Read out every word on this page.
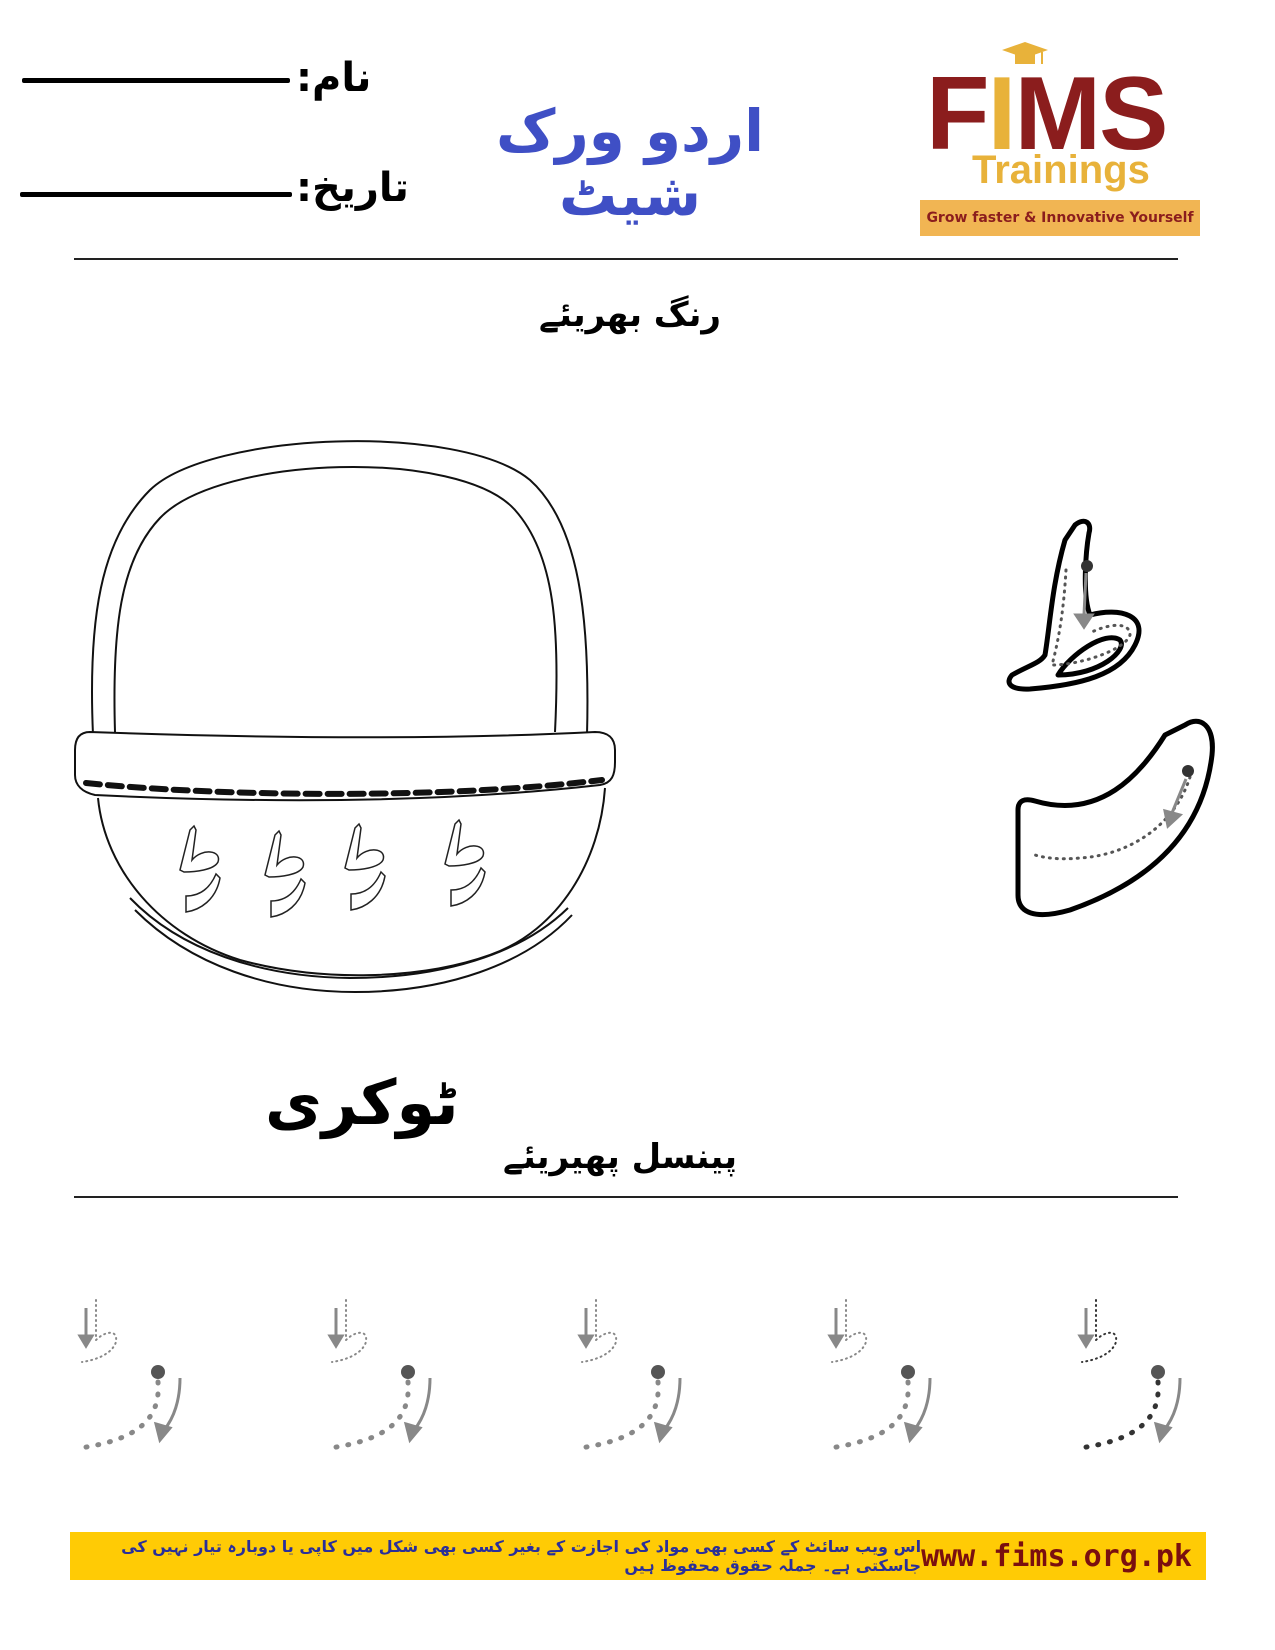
نام:
تاریخ:
اردو ورک شیٹ
FIMS
Trainings
Grow faster & Innovative Yourself
رنگ بھریئے
ٹوکری
پینسل پھیریئے
اس ویب سائٹ کے کسی بھی مواد کی اجازت کے بغیر کسی بھی شکل میں کاپی یا دوبارہ تیار نہیں کی جاسکتی ہے۔ جملہ حقوق محفوظ ہیں www.fims.org.pk
